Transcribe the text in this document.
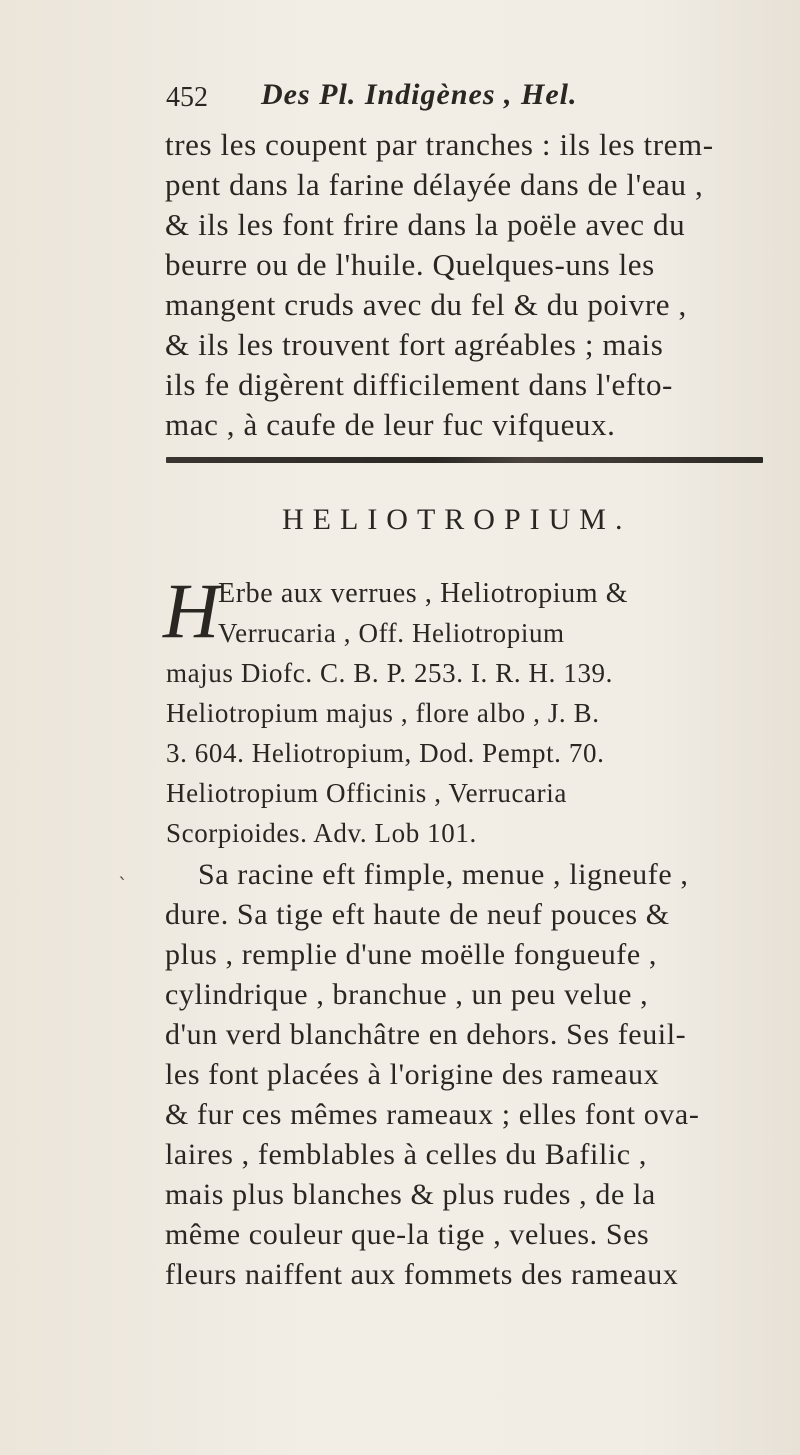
452 Des Pl. Indigènes , Hel.
tres les coupent par tranches : ils les trem-
pent dans la farine délayée dans de l'eau ,
& ils les font frire dans la poële avec du
beurre ou de l'huile. Quelques-uns les
mangent cruds avec du fel & du poivre ,
& ils les trouvent fort agréables ; mais
ils fe digèrent difficilement dans l'efto-
mac , à caufe de leur fuc vifqueux.
HELIOTROPIUM.
H
Erbe aux verrues , Heliotropium &
Verrucaria , Off. Heliotropium
majus Diofc. C. B. P. 253. I. R. H. 139.
Heliotropium majus , flore albo , J. B.
3. 604. Heliotropium, Dod. Pempt. 70.
Heliotropium Officinis , Verrucaria
Scorpioides. Adv. Lob 101.
ˋ Sa racine eft fimple, menue , ligneufe ,
dure. Sa tige eft haute de neuf pouces &
plus , remplie d'une moëlle fongueufe ,
cylindrique , branchue , un peu velue ,
d'un verd blanchâtre en dehors. Ses feuil-
les font placées à l'origine des rameaux
& fur ces mêmes rameaux ; elles font ova-
laires , femblables à celles du Bafilic ,
mais plus blanches & plus rudes , de la
même couleur que-la tige , velues. Ses
fleurs naiffent aux fommets des rameaux
